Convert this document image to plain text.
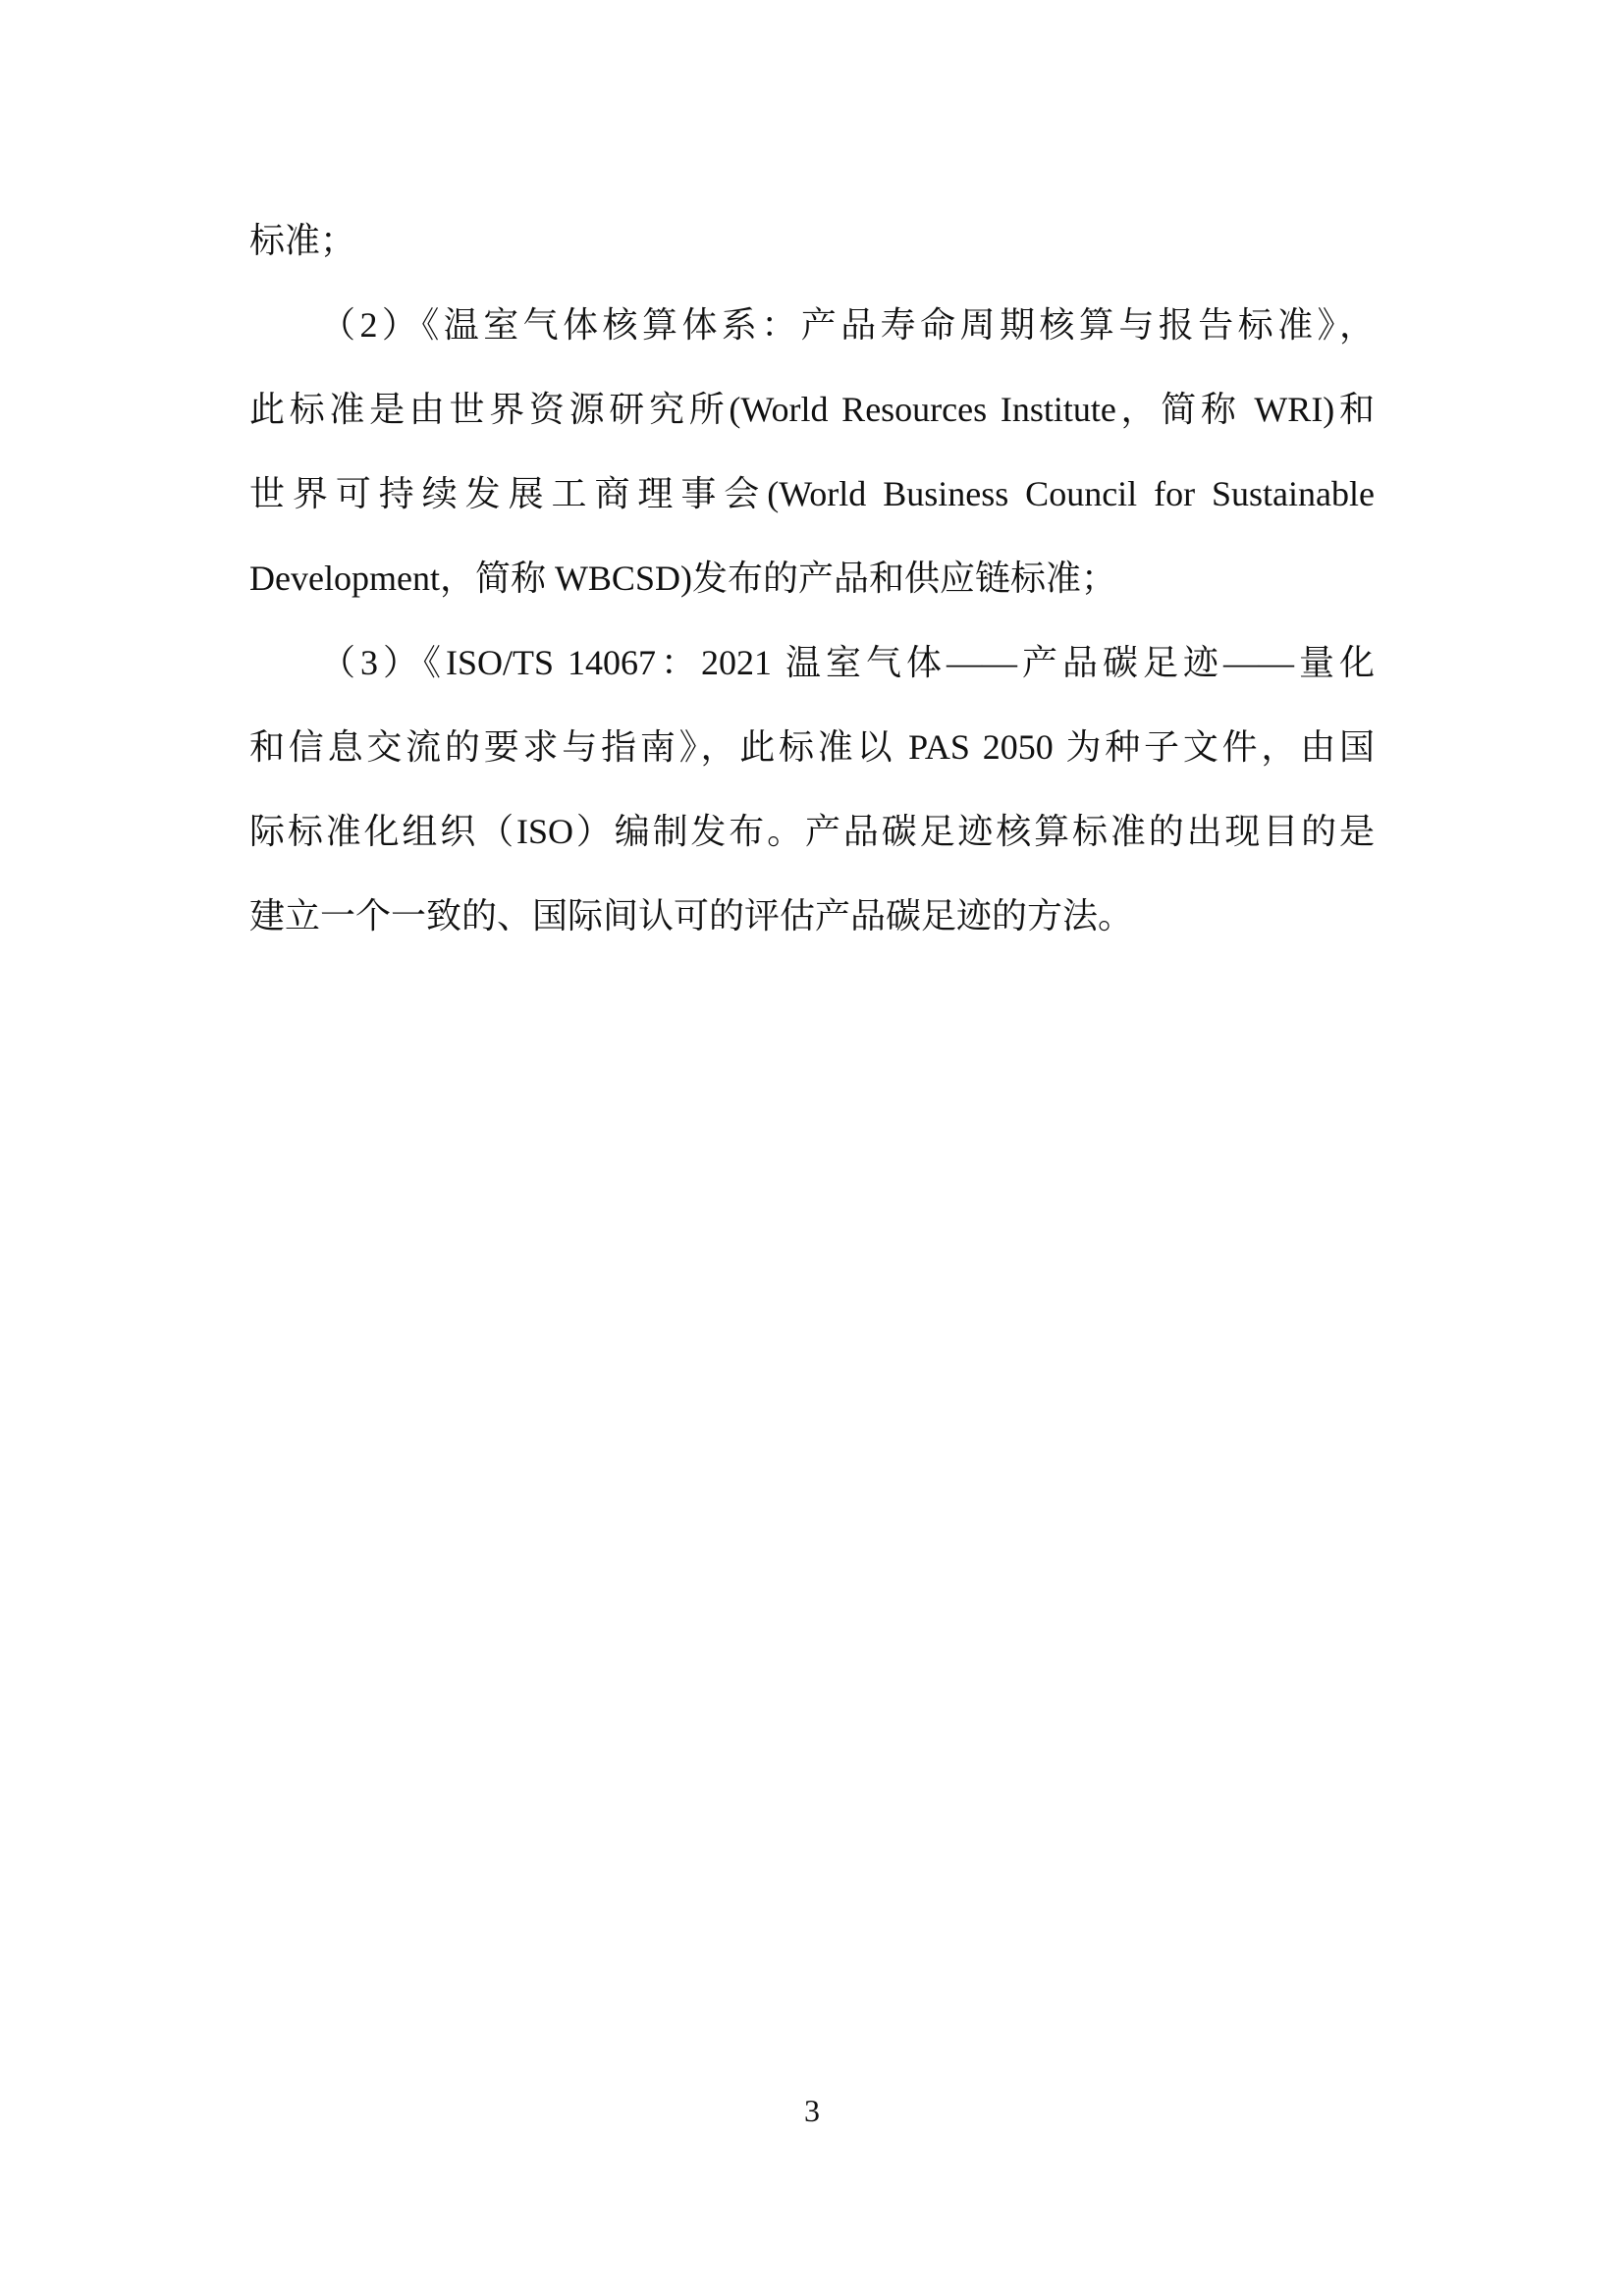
标准；
（2）《温室气体核算体系：产品寿命周期核算与报告标准》，
此标准是由世界资源研究所(World Resources Institute，简称 WRI)和
世界可持续发展工商理事会(World Business Council for Sustainable
Development，简称 WBCSD)发布的产品和供应链标准；
（3）《ISO/TS 14067：2021 温室气体——产品碳足迹——量化
和信息交流的要求与指南》，此标准以 PAS 2050 为种子文件，由国
际标准化组织（ISO）编制发布。产品碳足迹核算标准的出现目的是
建立一个一致的、国际间认可的评估产品碳足迹的方法。
3
